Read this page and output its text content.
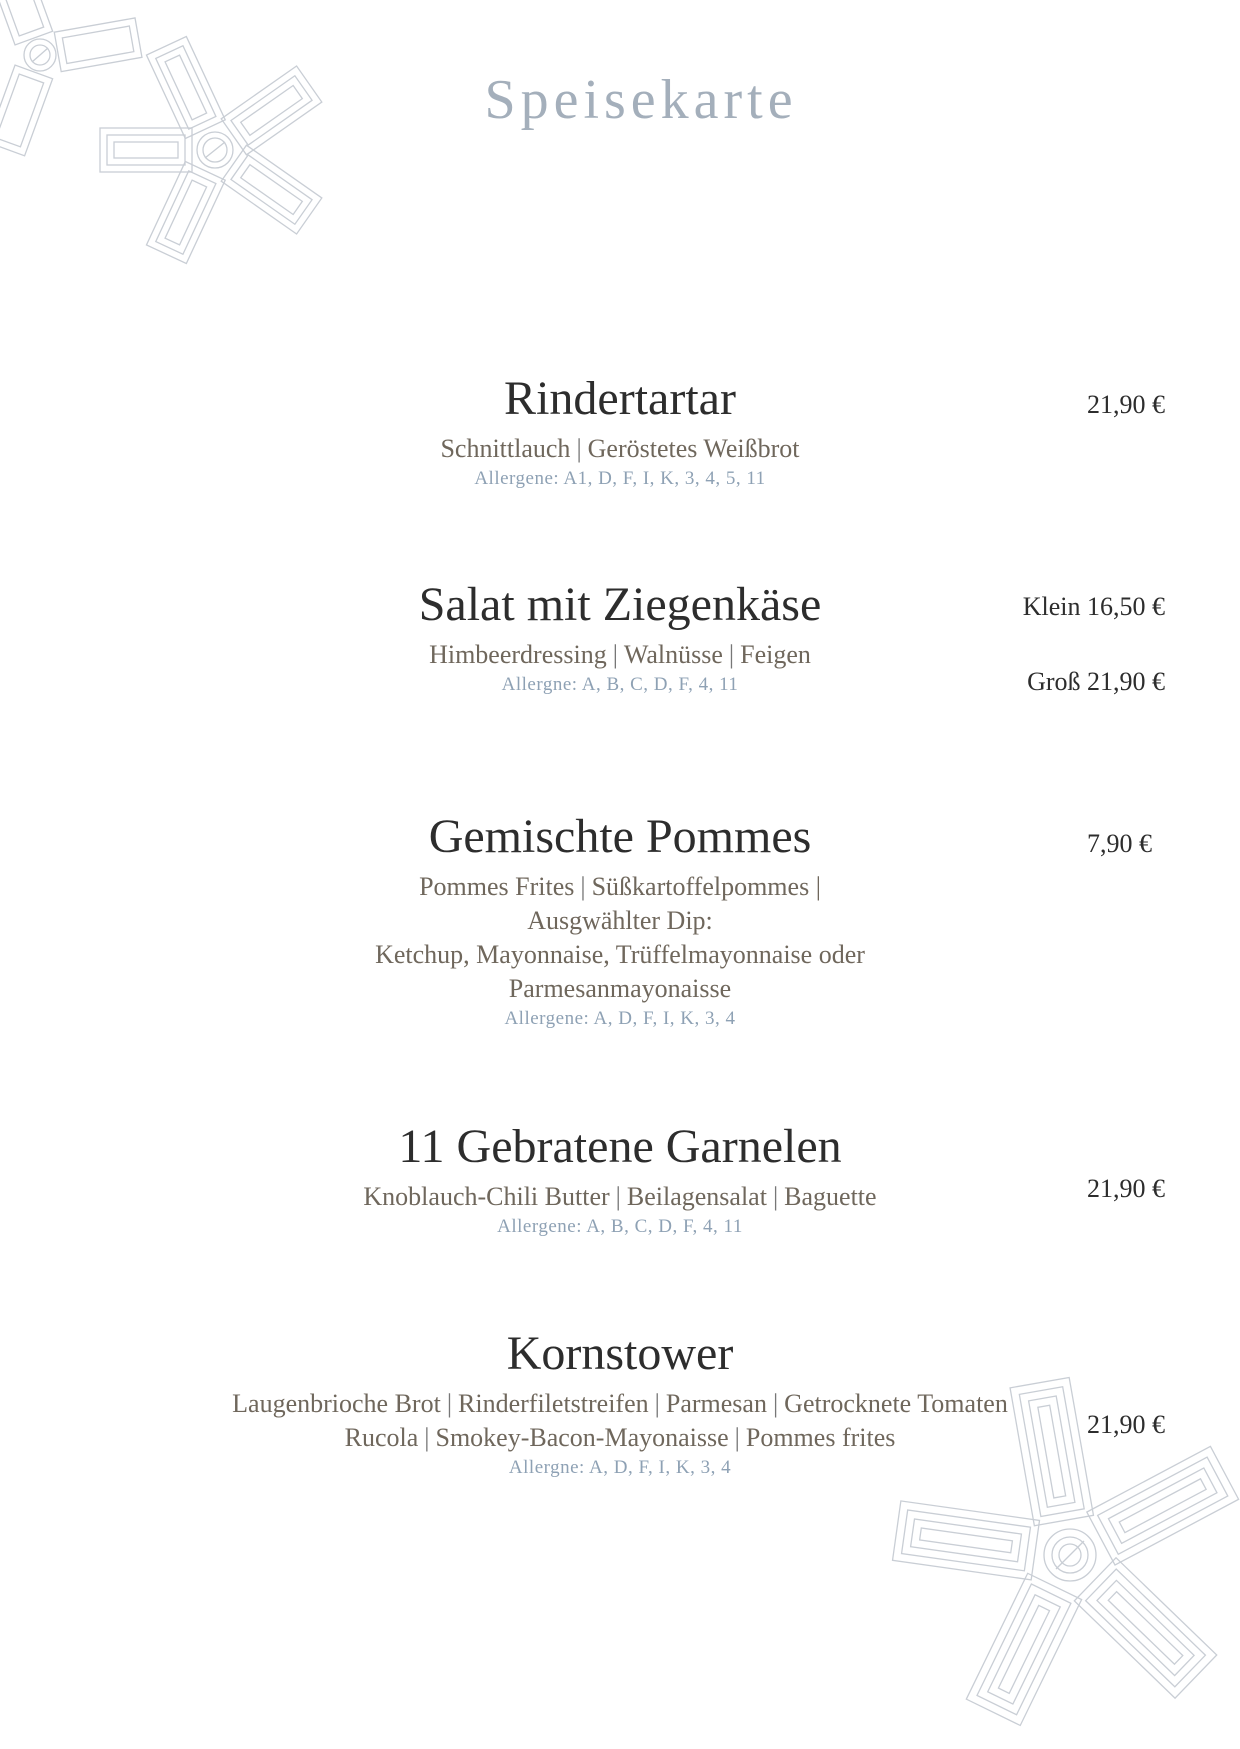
Speisekarte
Rindertartar
Schnittlauch | Geröstetes Weißbrot
Allergene: A1, D, F, I, K, 3, 4, 5, 11
21,90 €
Salat mit Ziegenkäse
Himbeerdressing | Walnüsse | Feigen
Allergne: A, B, C, D, F, 4, 11
Klein 16,50 €
Groß 21,90 €
Gemischte Pommes
Pommes Frites | Süßkartoffelpommes |
Ausgwählter Dip:
Ketchup, Mayonnaise, Trüffelmayonnaise oder
Parmesanmayonaisse
Allergene: A, D, F, I, K, 3, 4
7,90 €
11 Gebratene Garnelen
Knoblauch-Chili Butter | Beilagensalat | Baguette
Allergene: A, B, C, D, F, 4, 11
21,90 €
Kornstower
Laugenbrioche Brot | Rinderfiletstreifen | Parmesan | Getrocknete Tomaten
Rucola | Smokey-Bacon-Mayonaisse | Pommes frites
Allergne: A, D, F, I, K, 3, 4
21,90 €
